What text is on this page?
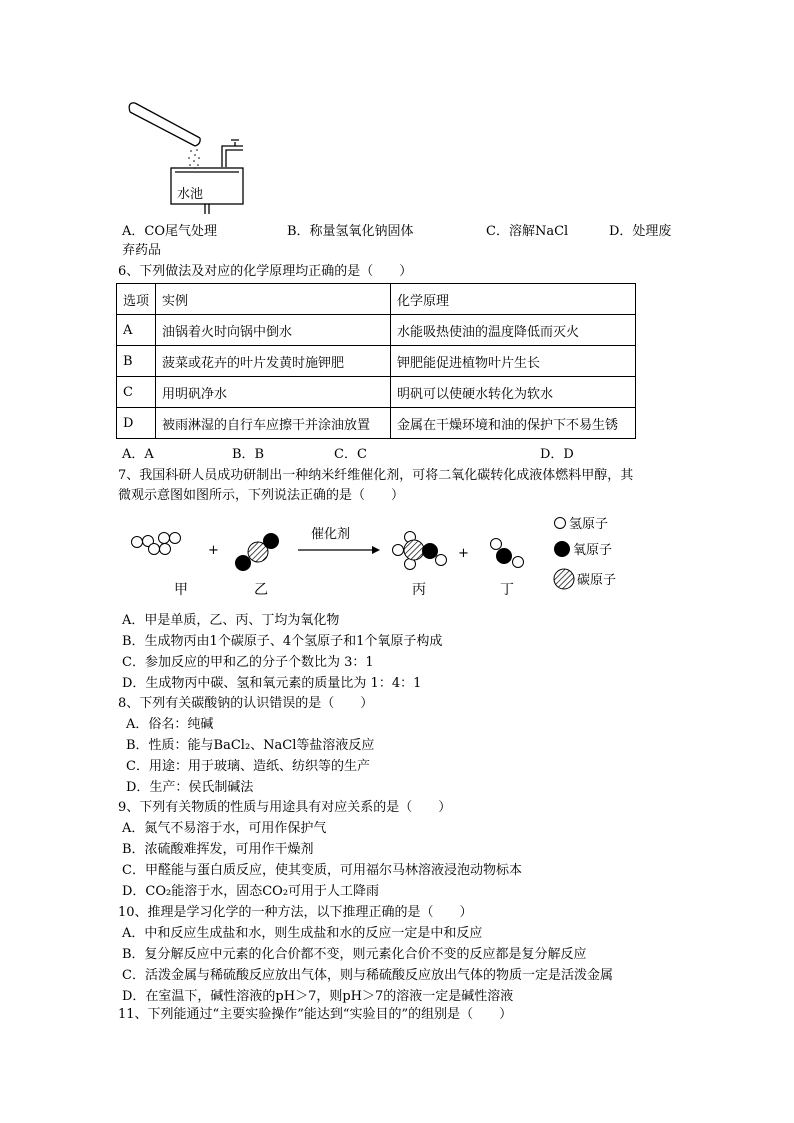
水池
A．CO尾气处理	B．称量氢氧化钠固体	C．溶解NaCl	D．处理废
弃药品
6、下列做法及对应的化学原理均正确的是（　　）
选项	实例	化学原理
A	油锅着火时向锅中倒水	水能吸热使油的温度降低而灭火
B	菠菜或花卉的叶片发黄时施钾肥	钾肥能促进植物叶片生长
C	用明矾净水	明矾可以使硬水转化为软水
D	被雨淋湿的自行车应擦干并涂油放置	金属在干燥环境和油的保护下不易生锈
A．A	B．B	C．C	D．D
7、我国科研人员成功研制出一种纳米纤维催化剂，可将二氧化碳转化成液体燃料甲醇，其
微观示意图如图所示，下列说法正确的是（　　）
+
催化剂
+
甲	乙	丙	丁
氢原子
氧原子
碳原子
A．甲是单质，乙、丙、丁均为氧化物
B．生成物丙由1个碳原子、4个氢原子和1个氧原子构成
C．参加反应的甲和乙的分子个数比为 3：1
D．生成物丙中碳、氢和氧元素的质量比为 1：4：1
8、下列有关碳酸钠的认识错误的是（　　）
A．俗名：纯碱
B．性质：能与BaCl₂、NaCl等盐溶液反应
C．用途：用于玻璃、造纸、纺织等的生产
D．生产：侯氏制碱法
9、下列有关物质的性质与用途具有对应关系的是（　　）
A．氮气不易溶于水，可用作保护气
B．浓硫酸难挥发，可用作干燥剂
C．甲醛能与蛋白质反应，使其变质，可用福尔马林溶液浸泡动物标本
D．CO₂能溶于水，固态CO₂可用于人工降雨
10、推理是学习化学的一种方法，以下推理正确的是（　　）
A．中和反应生成盐和水，则生成盐和水的反应一定是中和反应
B．复分解反应中元素的化合价都不变，则元素化合价不变的反应都是复分解反应
C．活泼金属与稀硫酸反应放出气体，则与稀硫酸反应放出气体的物质一定是活泼金属
D．在室温下，碱性溶液的pH＞7，则pH＞7的溶液一定是碱性溶液
11、下列能通过“主要实验操作”能达到“实验目的”的组别是（　　）
